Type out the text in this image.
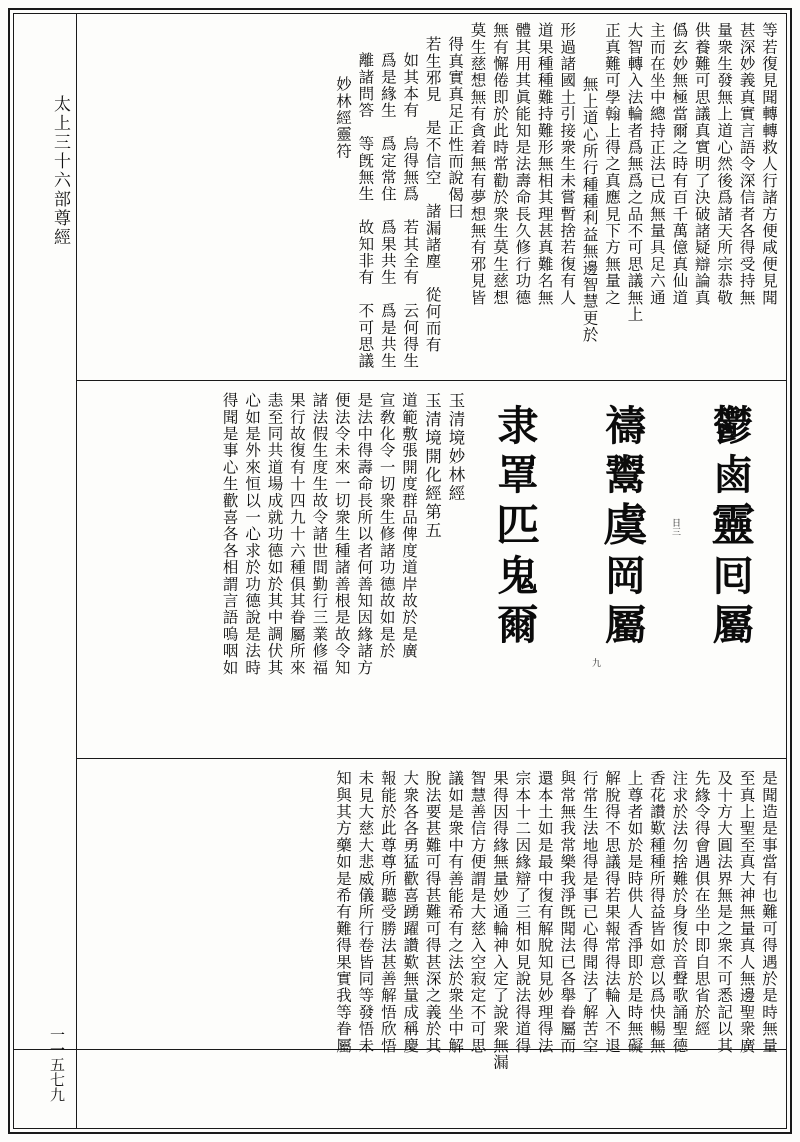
太上三十六部尊經
一一五七九
等若復見聞轉轉救人行諸方便咸便見聞
甚深妙義真實言語令深信者各得受持無
量衆生發無上道心然後爲諸天所宗恭敬
供養難可思議真實明了決破諸疑辯論真
僞玄妙無極當爾之時有百千萬億真仙道
主而在坐中總持正法已成無量具足六通
大智轉入法輪者爲無爲之品不可思議無上
正真難可學翰上得之真應見下方無量之
無上道心所行種種利益無邊智慧更於
形過諸國土引接衆生未嘗暫捨若復有人
道果種種難持難形無相其理甚真難名無
體其用其眞能知是法壽命長久修行功德
無有懈倦即於此時常勸於衆生莫生慈想
莫生慈想無有貪着無有夢想無有邪見皆
得真實真足正性而說偈曰
若生邪見　是不信空　諸漏諸塵　從何而有
如其本有　烏得無爲　若其全有　云何得生
爲是緣生　爲定常住　爲果共生　爲是共生
離諸問答　等旣無生　故知非有　不可思議
妙林經靈符
玉清境妙林經
玉清境開化經第五
道範敷張開度群品俾度道岸故於是廣
宣敎化令一切衆生修諸功德故如是於
是法中得壽命長所以者何善知因緣諸方
便法令未來一切衆生種諸善根是故令知
諸法假生度生故令諸世間勤行三業修福
果行故復有十四九十六種俱其眷屬所來
恚至同共道場成就功德如於其中調伏其
心如是外來恒以一心求於功德說是法時
得聞是事心生歡喜各各相謂言語嗚咽如	鬱
鹵
靈
囘
屬
禱
鬻
虞
岡
屬
隶
罩
匹
鬼
爾
日三
九
是聞造是事當有也難可得遇於是時無量
至真上聖至真大神無量真人無邊聖衆廣
及十方大圓法界無是之衆不可悉記以其
先緣令得會遇俱在坐中即自思省於經
注求於法勿捨難於身復於音聲歌誦聖德
香花讚歎種種所得益皆如意以爲快暢無
上尊者如於是時供人香淨即於是時無礙
解脫得不思議得若果報常得法輪入不退
行常生法地得是事已心得聞法了解苦空
與常無我常樂我淨旣聞法已各舉眷屬而
還本土如是最中復有解脫知見妙理得法
宗本十二因緣辯了三相如見說法得道得
果得因得緣無量妙通輪神入定了說衆無漏
智慧善信方便謂是大慈入空寂定不可思
議如是衆中有善能希有之法於衆坐中解
脫法要甚難可得甚難可得甚深之義於其
大衆各各勇猛歡喜踴躍讚歎無量成稱慶
報能於此尊尊所聽受勝法甚善解悟欣悟
未見大慈大悲威儀所行卷皆同等發悟未
知與其方藥如是希有難得果實我等眷屬
